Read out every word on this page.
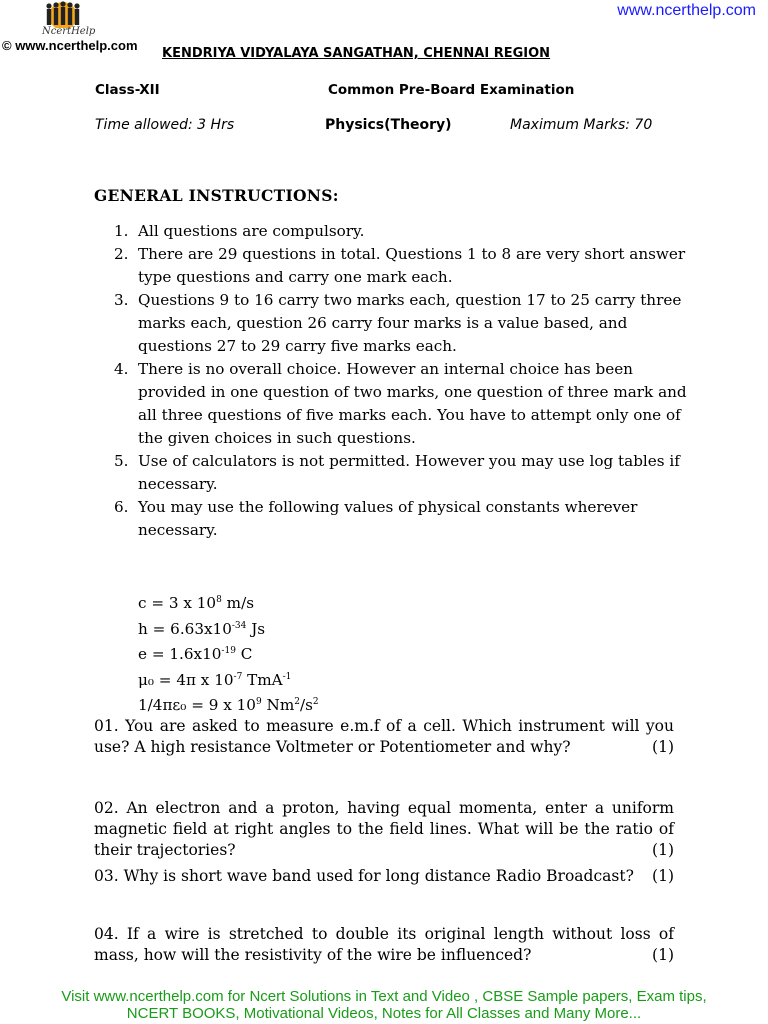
NcertHelp
© www.ncerthelp.com
www.ncerthelp.com
KENDRIYA VIDYALAYA SANGATHAN, CHENNAI REGION
Class-XII	Common Pre-Board Examination
Time allowed: 3 Hrs	Physics(Theory)	Maximum Marks: 70
GENERAL INSTRUCTIONS:
1. All questions are compulsory.
2. There are 29 questions in total. Questions 1 to 8 are very short answer type questions and carry one mark each.
3. Questions 9 to 16 carry two marks each, question 17 to 25 carry three marks each, question 26 carry four marks is a value based, and questions 27 to 29 carry five marks each.
4. There is no overall choice. However an internal choice has been provided in one question of two marks, one question of three mark and all three questions of five marks each. You have to attempt only one of the given choices in such questions.
5. Use of calculators is not permitted. However you may use log tables if necessary.
6. You may use the following values of physical constants wherever necessary.
c = 3 x $10^8$ m/s
$h = 6.63x10^{-34}$ Js
$e = 1.6x10^{-19}$ C
μ₀ = 4π x $10^{-7}$ TmA$^{-1}$
1/4πε₀ = 9 x $10^9$ $Nm^2/s^2$

01. You are asked to measure e.m.f of a cell. Which instrument will you use? A high resistance Voltmeter or Potentiometer and why?	(1)

02. An electron and a proton, having equal momenta, enter a uniform magnetic field at right angles to the field lines. What will be the ratio of their trajectories?	(1)

03. Why is short wave band used for long distance Radio Broadcast? (1)

04. If a wire is stretched to double its original length without loss of mass, how will the resistivity of the wire be influenced?	(1)

Visit www.ncerthelp.com for Ncert Solutions in Text and Video , CBSE Sample papers, Exam tips,
NCERT BOOKS, Motivational Videos, Notes for All Classes and Many More...
